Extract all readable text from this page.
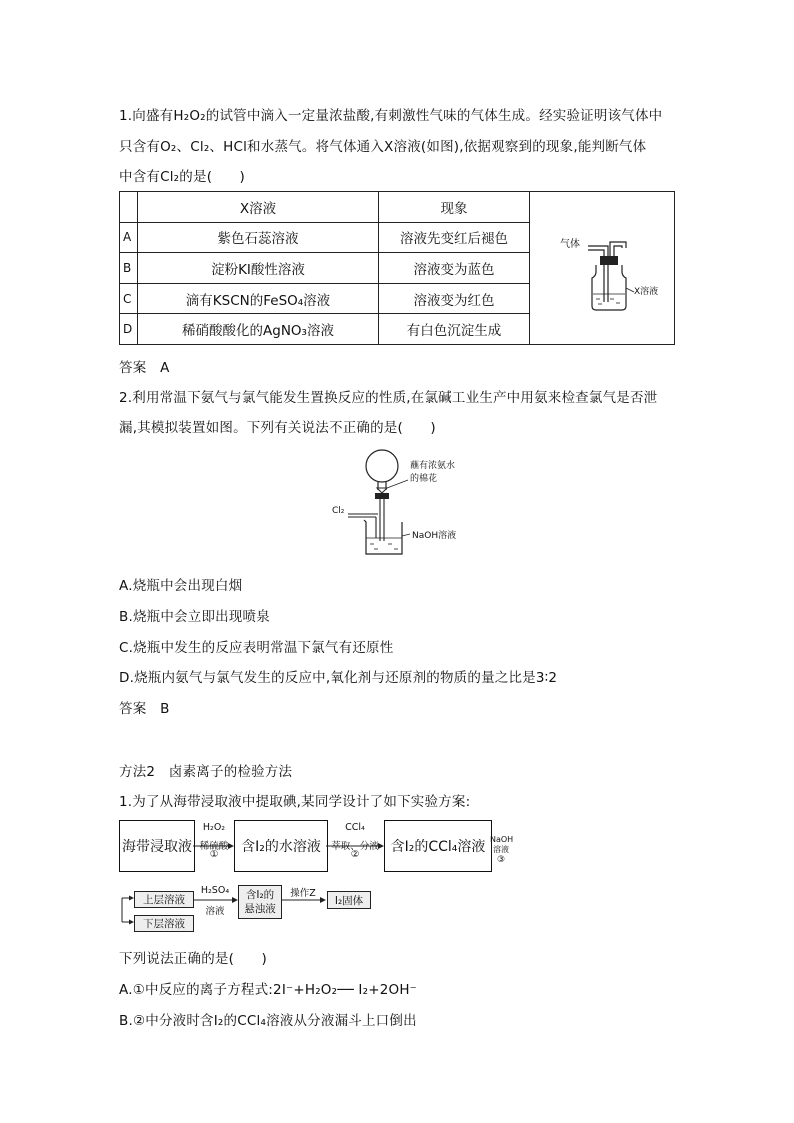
1.向盛有H₂O₂的试管中滴入一定量浓盐酸,有刺激性气味的气体生成。经实验证明该气体中
只含有O₂、Cl₂、HCl和水蒸气。将气体通入X溶液(如图),依据观察到的现象,能判断气体
中含有Cl₂的是(　　)
	X溶液	现象	气体
X溶液

A	紫色石蕊溶液	溶液先变红后褪色	
B	淀粉KI酸性溶液	溶液变为蓝色	
C	滴有KSCN的FeSO₄溶液	溶液变为红色	
D	稀硝酸酸化的AgNO₃溶液	有白色沉淀生成	
答案　A
2.利用常温下氨气与氯气能发生置换反应的性质,在氯碱工业生产中用氨来检查氯气是否泄
漏,其模拟装置如图。下列有关说法不正确的是(　　)
蘸有浓氨水
的棉花
Cl₂
NaOH溶液
A.烧瓶中会出现白烟
B.烧瓶中会立即出现喷泉
C.烧瓶中发生的反应表明常温下氯气有还原性
D.烧瓶内氨气与氯气发生的反应中,氧化剂与还原剂的物质的量之比是3∶2
答案　B
方法2　卤素离子的检验方法
1.为了从海带浸取液中提取碘,某同学设计了如下实验方案:
海带浸取液	含I₂的水溶液	含I₂的CCl₄溶液
H₂O₂
稀硫酸
①
CCl₄
萃取、分液
②
NaOH
溶液
③
上层溶液
下层溶液
H₂SO₄
溶液
含I₂的
悬浊液
操作Z
I₂固体
下列说法正确的是(　　)
A.①中反应的离子方程式:2I⁻+H₂O₂── I₂+2OH⁻
B.②中分液时含I₂的CCl₄溶液从分液漏斗上口倒出
